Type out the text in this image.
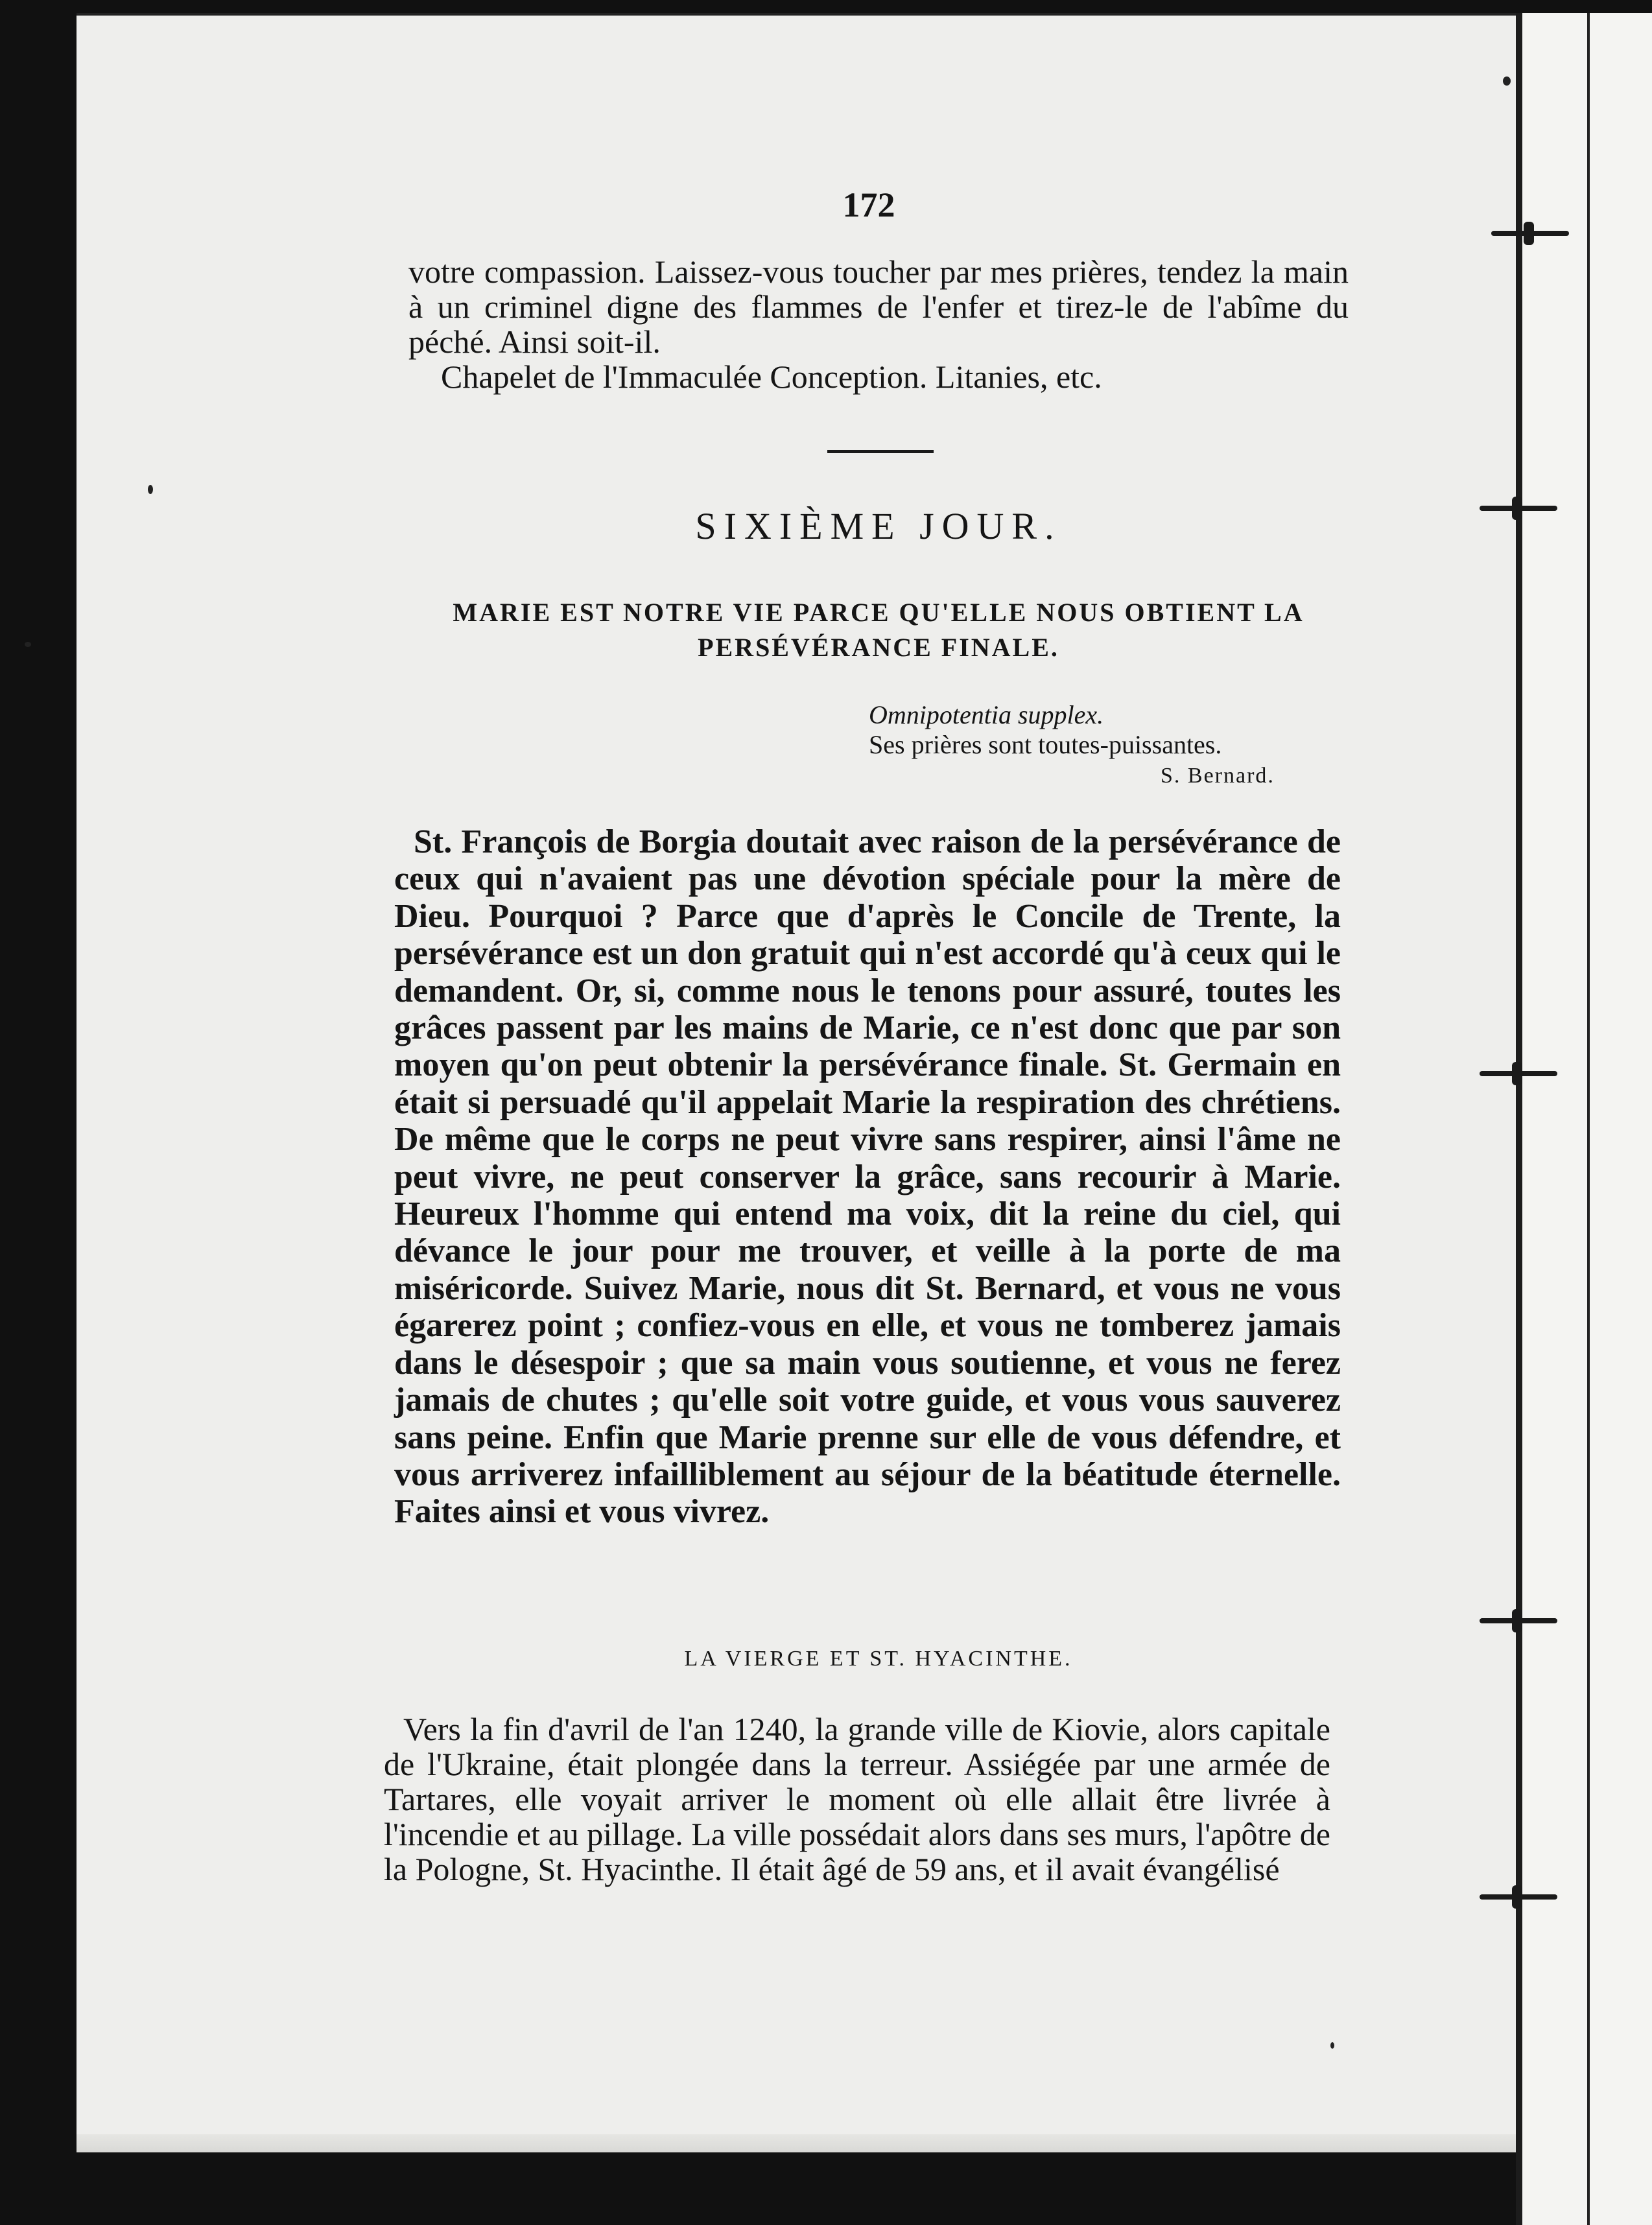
172
votre compassion. Laissez-vous toucher par mes prières, tendez la main à un criminel digne des flammes de l'enfer et tirez-le de l'abîme du péché. Ainsi soit-il.
Chapelet de l'Immaculée Conception. Litanies, etc.
SIXIÈME JOUR.
MARIE EST NOTRE VIE PARCE QU'ELLE NOUS OBTIENT LA PERSÉVÉRANCE FINALE.
Omnipotentia supplex.
Ses prières sont toutes-puissantes.
S. Bernard.
St. François de Borgia doutait avec raison de la persévérance de ceux qui n'avaient pas une dévotion spéciale pour la mère de Dieu. Pourquoi ? Parce que d'après le Concile de Trente, la persévérance est un don gratuit qui n'est accordé qu'à ceux qui le demandent. Or, si, comme nous le tenons pour assuré, toutes les grâces passent par les mains de Marie, ce n'est donc que par son moyen qu'on peut obtenir la persévérance finale. St. Germain en était si persuadé qu'il appelait Marie la respiration des chrétiens. De même que le corps ne peut vivre sans respirer, ainsi l'âme ne peut vivre, ne peut conserver la grâce, sans recourir à Marie. Heureux l'homme qui entend ma voix, dit la reine du ciel, qui dévance le jour pour me trouver, et veille à la porte de ma miséricorde. Suivez Marie, nous dit St. Bernard, et vous ne vous égarerez point ; confiez-vous en elle, et vous ne tomberez jamais dans le désespoir ; que sa main vous soutienne, et vous ne ferez jamais de chutes ; qu'elle soit votre guide, et vous vous sauverez sans peine. Enfin que Marie prenne sur elle de vous défendre, et vous arriverez infailliblement au séjour de la béatitude éternelle. Faites ainsi et vous vivrez.
LA VIERGE ET ST. HYACINTHE.
Vers la fin d'avril de l'an 1240, la grande ville de Kiovie, alors capitale de l'Ukraine, était plongée dans la terreur. Assiégée par une armée de Tartares, elle voyait arriver le moment où elle allait être livrée à l'incendie et au pillage. La ville possédait alors dans ses murs, l'apôtre de la Pologne, St. Hyacinthe. Il était âgé de 59 ans, et il avait évangélisé
